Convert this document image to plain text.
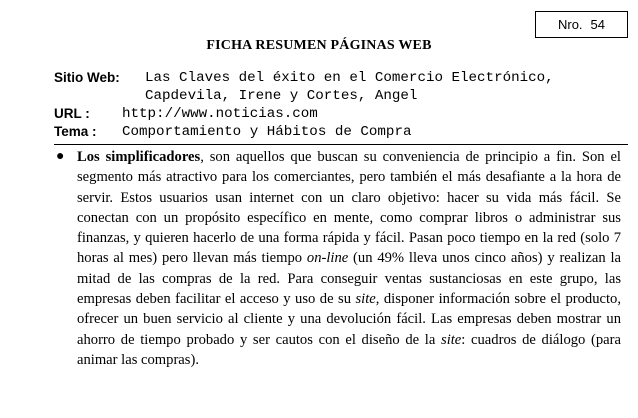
Nro. 54
FICHA RESUMEN PÁGINAS WEB
Sitio Web:	Las Claves del éxito en el Comercio Electrónico,
Capdevila, Irene y Cortes, Angel
URL :	http://www.noticias.com
Tema :	Comportamiento y Hábitos de Compra
● Los simplificadores, son aquellos que buscan su conveniencia de principio a fin. Son el segmento más atractivo para los comerciantes, pero también el más desafiante a la hora de servir. Estos usuarios usan internet con un claro objetivo: hacer su vida más fácil. Se conectan con un propósito específico en mente, como comprar libros o administrar sus finanzas, y quieren hacerlo de una forma rápida y fácil. Pasan poco tiempo en la red (solo 7 horas al mes) pero llevan más tiempo on-line (un 49% lleva unos cinco años) y realizan la mitad de las compras de la red. Para conseguir ventas sustanciosas en este grupo, las empresas deben facilitar el acceso y uso de su site, disponer información sobre el producto, ofrecer un buen servicio al cliente y una devolución fácil. Las empresas deben mostrar un ahorro de tiempo probado y ser cautos con el diseño de la site: cuadros de diálogo (para animar las compras).
